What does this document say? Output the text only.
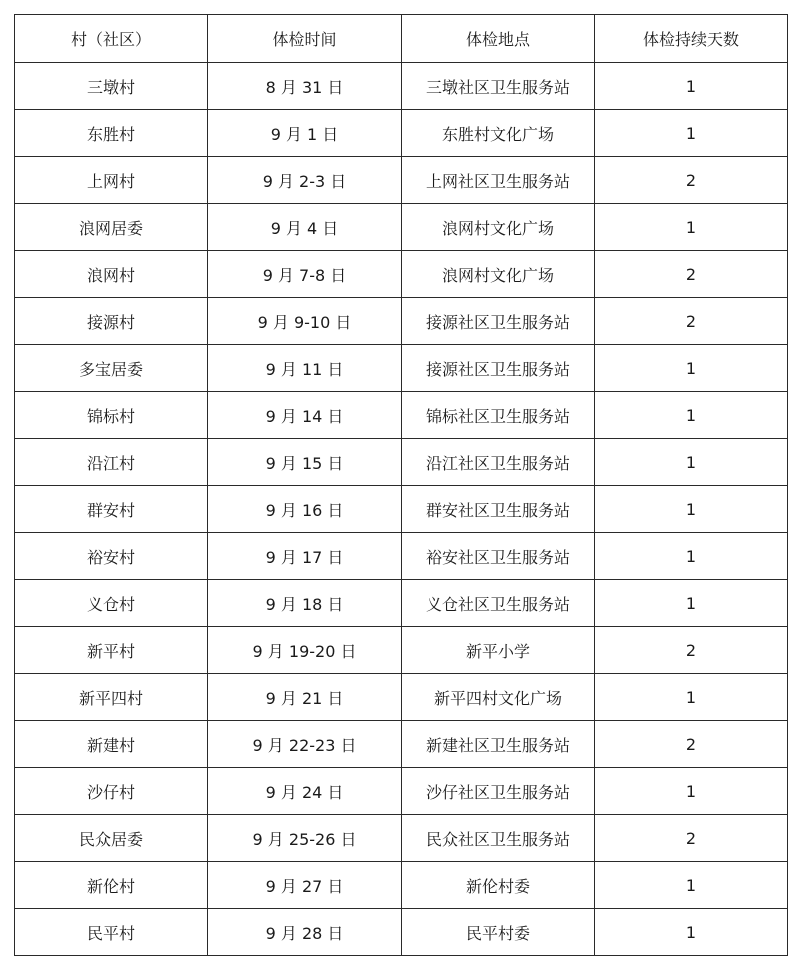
村（社区）	体检时间	体检地点	体检持续天数
三墩村	8 月 31 日	三墩社区卫生服务站	1
东胜村	9 月 1 日	东胜村文化广场	1
上网村	9 月 2-3 日	上网社区卫生服务站	2
浪网居委	9 月 4 日	浪网村文化广场	1
浪网村	9 月 7-8 日	浪网村文化广场	2
接源村	9 月 9-10 日	接源社区卫生服务站	2
多宝居委	9 月 11 日	接源社区卫生服务站	1
锦标村	9 月 14 日	锦标社区卫生服务站	1
沿江村	9 月 15 日	沿江社区卫生服务站	1
群安村	9 月 16 日	群安社区卫生服务站	1
裕安村	9 月 17 日	裕安社区卫生服务站	1
义仓村	9 月 18 日	义仓社区卫生服务站	1
新平村	9 月 19-20 日	新平小学	2
新平四村	9 月 21 日	新平四村文化广场	1
新建村	9 月 22-23 日	新建社区卫生服务站	2
沙仔村	9 月 24 日	沙仔社区卫生服务站	1
民众居委	9 月 25-26 日	民众社区卫生服务站	2
新伦村	9 月 27 日	新伦村委	1
民平村	9 月 28 日	民平村委	1
